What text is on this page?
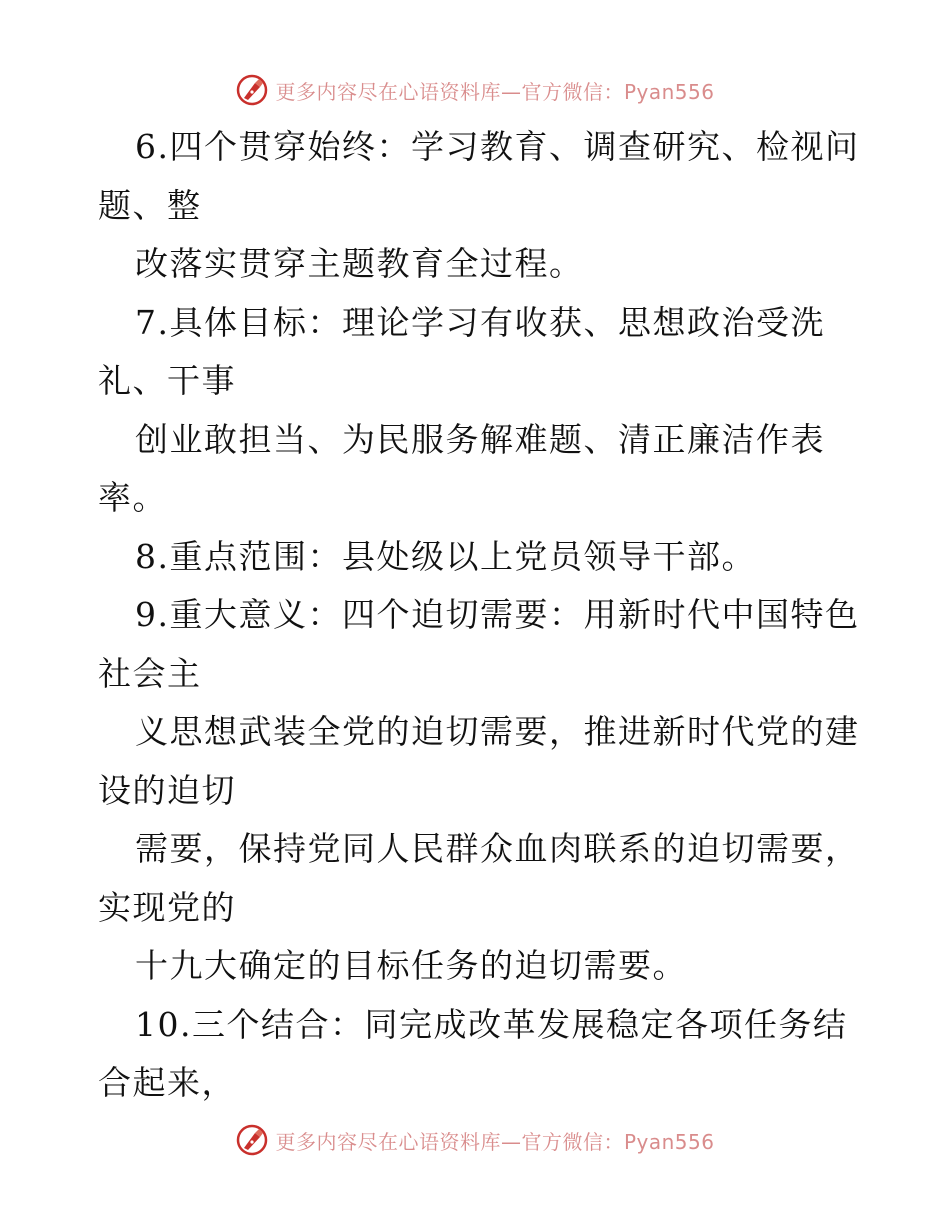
更多内容尽在心语资料库—官方微信：Pyan556
6.四个贯穿始终：学习教育、调查研究、检视问
题、整
改落实贯穿主题教育全过程。
7.具体目标：理论学习有收获、思想政治受洗
礼、干事
创业敢担当、为民服务解难题、清正廉洁作表
率。
8.重点范围：县处级以上党员领导干部。
9.重大意义：四个迫切需要：用新时代中国特色
社会主
义思想武装全党的迫切需要，推进新时代党的建
设的迫切
需要，保持党同人民群众血肉联系的迫切需要，
实现党的
十九大确定的目标任务的迫切需要。
10.三个结合：同完成改革发展稳定各项任务结
合起来，
更多内容尽在心语资料库—官方微信：Pyan556
